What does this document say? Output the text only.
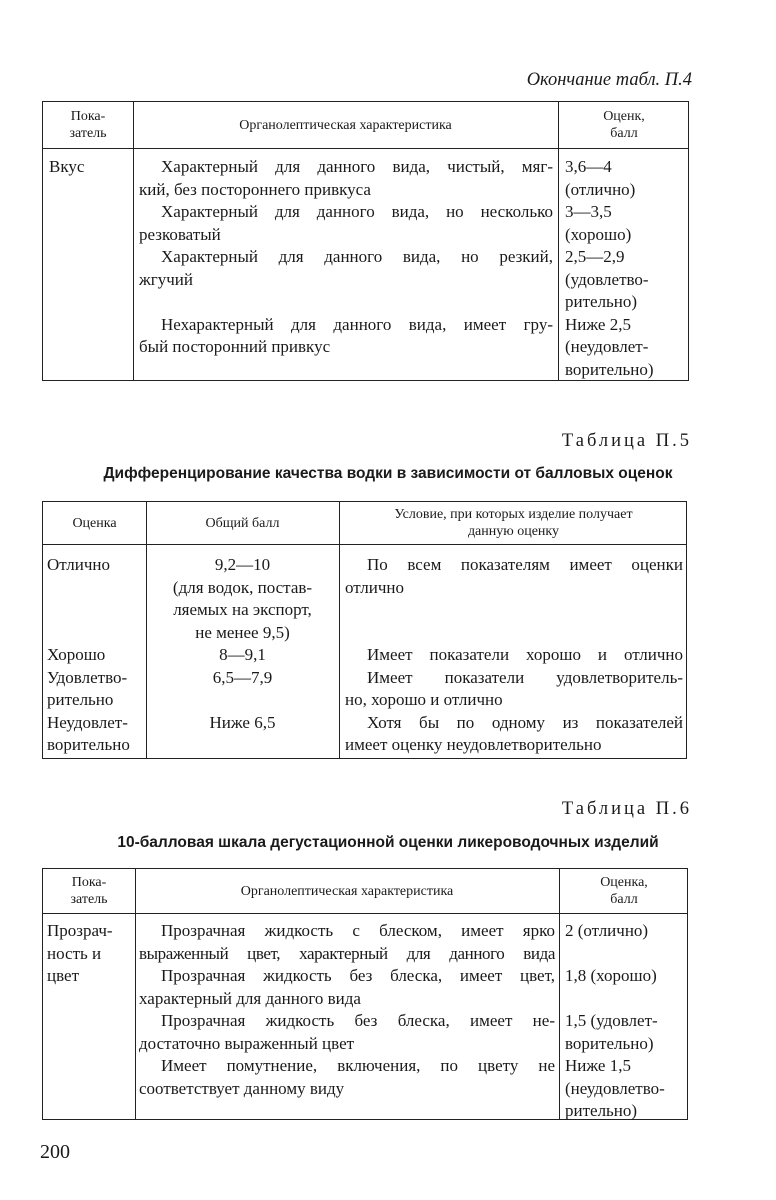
Окончание табл. П.4
Пока-
затель
Органолептическая характеристика
Оценк,
балл
Вкус	Характерный для данного вида, чистый, мяг-

кий, без постороннего привкуса

Характерный для данного вида, но несколько

резковатый

Характерный для данного вида, но резкий,

жгучий

Нехарактерный для данного вида, имеет гру-

бый посторонний привкус

3,6—4

(отлично)

3—3,5

(хорошо)

2,5—2,9

(удовлетво-

рительно)

Ниже 2,5

(неудовлет-

ворительно)

Таблица П.5
Дифференцирование качества водки в зависимости от балловых оценок
Оценка	Общий балл
Условие, при которых изделие получает
данную оценку

Отлично

Хорошо

Удовлетво-

рительно

Неудовлет-

ворительно

9,2—10

(для водок, постав-

ляемых на экспорт,

не менее 9,5)

8—9,1

6,5—7,9

Ниже 6,5

По всем показателям имеет оценки

отлично

Имеет показатели хорошо и отлично

Имеет показатели удовлетворитель-

но, хорошо и отлично

Хотя бы по одному из показателей

имеет оценку неудовлетворительно

Таблица П.6
10-балловая шкала дегустационной оценки ликероводочных изделий
Пока-
затель
Органолептическая характеристика
Оценка,
балл

Прозрач-

ность и

цвет

Прозрачная жидкость с блеском, имеет ярко

выраженный цвет, характерный для данного вида

Прозрачная жидкость без блеска, имеет цвет,

характерный для данного вида

Прозрачная жидкость без блеска, имеет не-

достаточно выраженный цвет

Имеет помутнение, включения, по цвету не

соответствует данному виду

2 (отлично)

1,8 (хорошо)

1,5 (удовлет-

ворительно)

Ниже 1,5

(неудовлетво-

рительно)

200
